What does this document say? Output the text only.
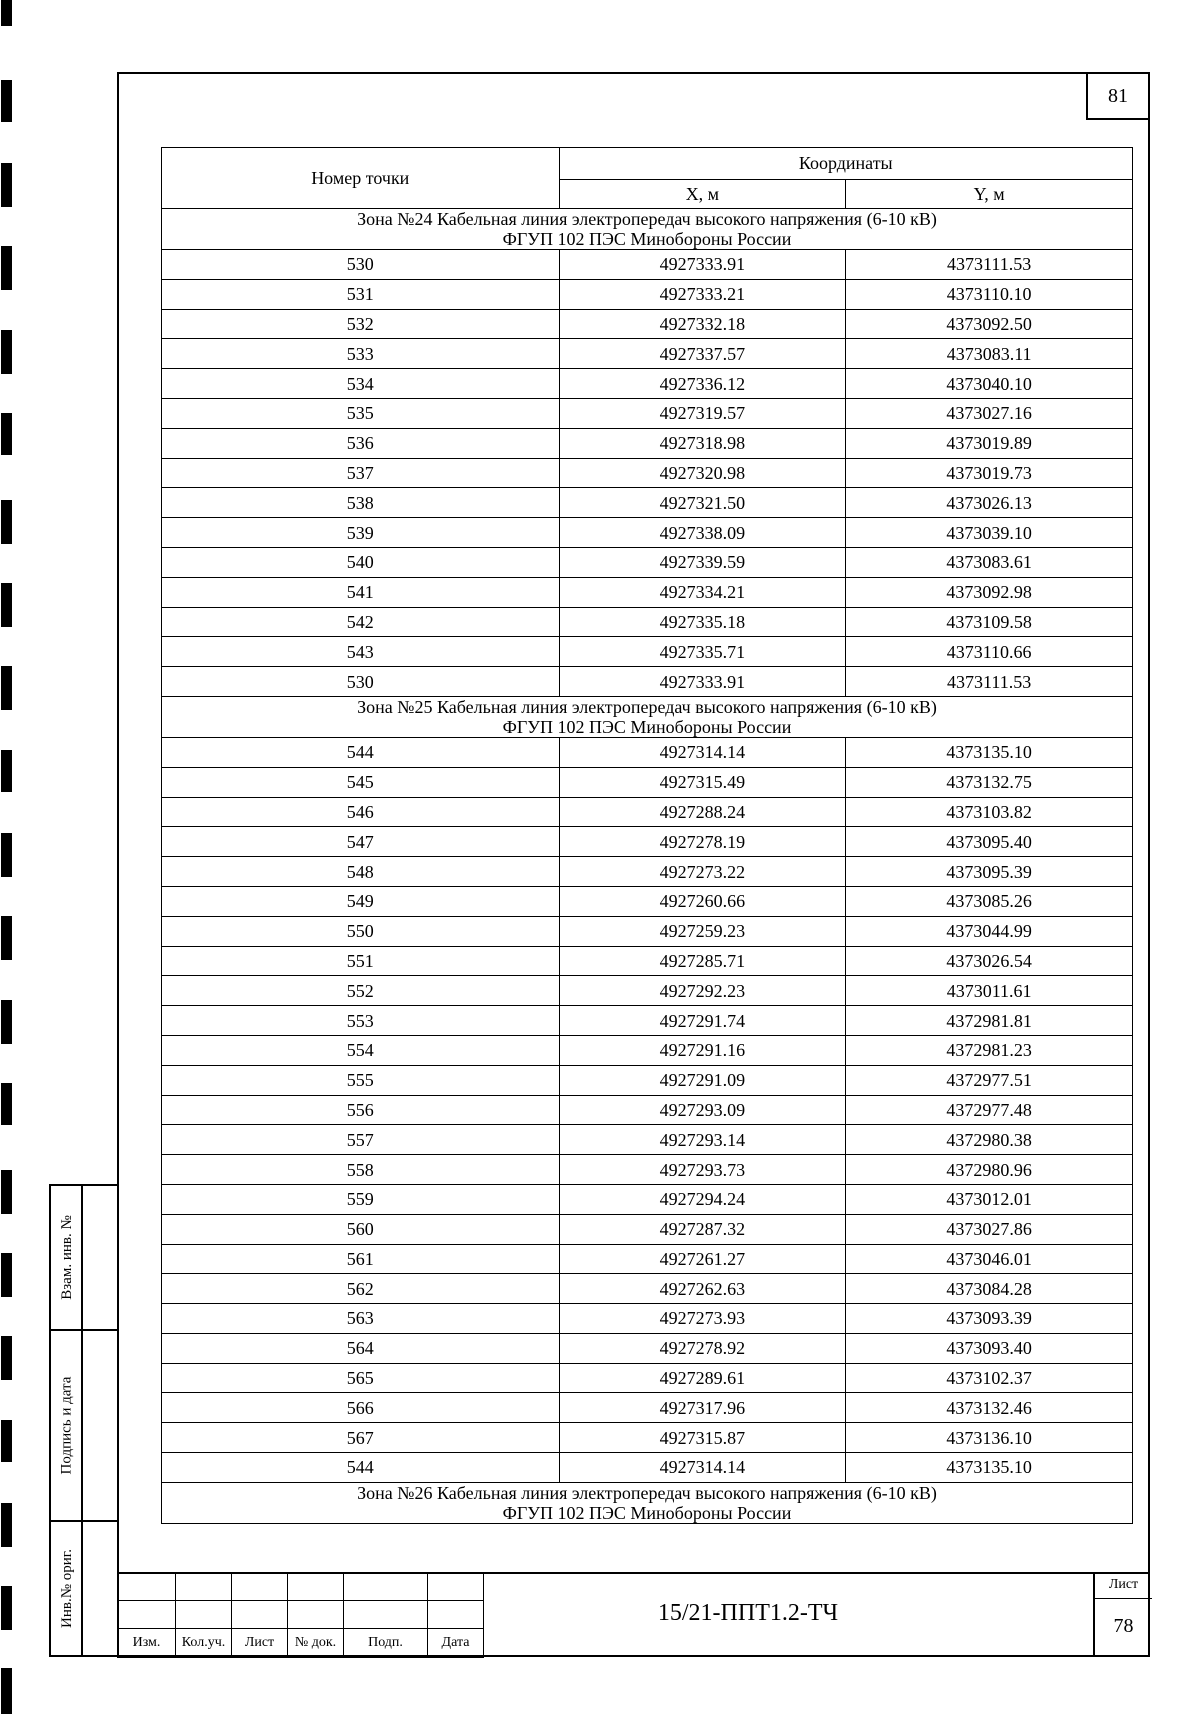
81
Номер точки	Координаты	
	X, м	Y, м

Зона №24 Кабельная линия электропередач высокого напряжения (6-10 кВ)
ФГУП 102 ПЭС Минобороны России		

530	4927333.91	4373111.53
531	4927333.21	4373110.10
532	4927332.18	4373092.50
533	4927337.57	4373083.11
534	4927336.12	4373040.10
535	4927319.57	4373027.16
536	4927318.98	4373019.89
537	4927320.98	4373019.73
538	4927321.50	4373026.13
539	4927338.09	4373039.10
540	4927339.59	4373083.61
541	4927334.21	4373092.98
542	4927335.18	4373109.58
543	4927335.71	4373110.66
530	4927333.91	4373111.53

Зона №25 Кабельная линия электропередач высокого напряжения (6-10 кВ)
ФГУП 102 ПЭС Минобороны России		

544	4927314.14	4373135.10
545	4927315.49	4373132.75
546	4927288.24	4373103.82
547	4927278.19	4373095.40
548	4927273.22	4373095.39
549	4927260.66	4373085.26
550	4927259.23	4373044.99
551	4927285.71	4373026.54
552	4927292.23	4373011.61
553	4927291.74	4372981.81
554	4927291.16	4372981.23
555	4927291.09	4372977.51
556	4927293.09	4372977.48
557	4927293.14	4372980.38
558	4927293.73	4372980.96
559	4927294.24	4373012.01
560	4927287.32	4373027.86
561	4927261.27	4373046.01
562	4927262.63	4373084.28
563	4927273.93	4373093.39
564	4927278.92	4373093.40
565	4927289.61	4373102.37
566	4927317.96	4373132.46
567	4927315.87	4373136.10
544	4927314.14	4373135.10

Зона №26 Кабельная линия электропередач высокого напряжения (6-10 кВ)
ФГУП 102 ПЭС Минобороны России		
Взам. инв. №
Подпись и дата
Инв.№ ориг.

Изм.	Кол.уч.	Лист	№ док.	Подп.	Дата
15/21-ППТ1.2-ТЧ
Лист
78
